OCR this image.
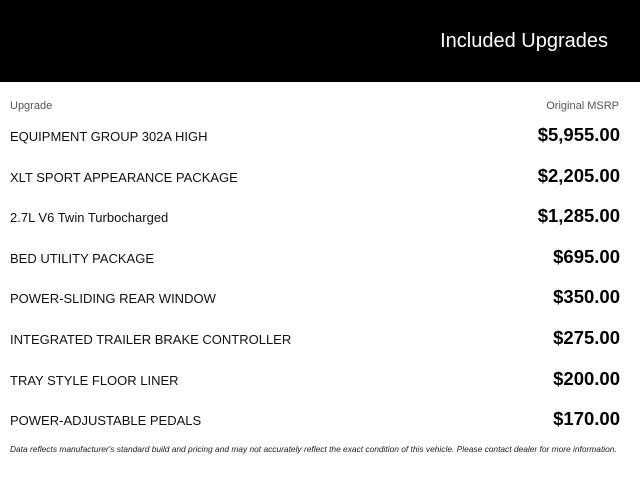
Included Upgrades
Upgrade	Original MSRP
EQUIPMENT GROUP 302A HIGH	$5,955.00
XLT SPORT APPEARANCE PACKAGE	$2,205.00
2.7L V6 Twin Turbocharged	$1,285.00
BED UTILITY PACKAGE	$695.00
POWER-SLIDING REAR WINDOW	$350.00
INTEGRATED TRAILER BRAKE CONTROLLER	$275.00
TRAY STYLE FLOOR LINER	$200.00
POWER-ADJUSTABLE PEDALS	$170.00
Data reflects manufacturer's standard build and pricing and may not accurately reflect the exact condition of this vehicle. Please contact dealer for more information.
